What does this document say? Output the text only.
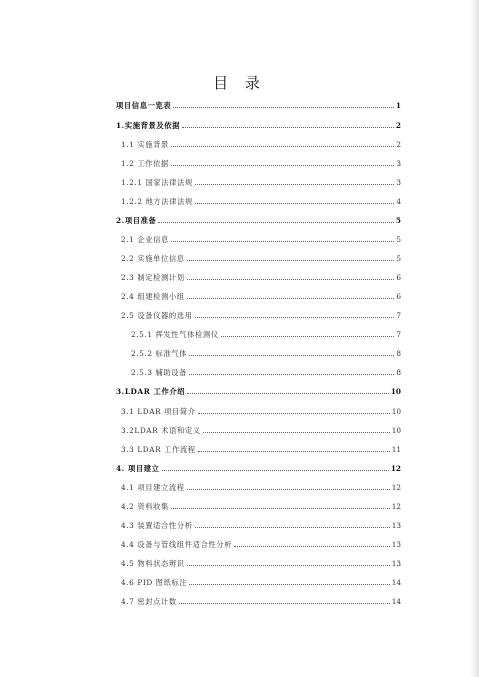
目 录
项目信息一览表	1
1.实施背景及依据	2
1.1 实施背景	2
1.2 工作依据	3
1.2.1 国家法律法规	3
1.2.2 地方法律法规	4
2.项目准备	5
2.1 企业信息	5
2.2 实施单位信息	5
2.3 制定检测计划	6
2.4 组建检测小组	6
2.5 设备仪器的选用	7
2.5.1 挥发性气体检测仪	7
2.5.2 标准气体	8
2.5.3 辅助设备	8
3.LDAR 工作介绍	10
3.1 LDAR 项目简介	10
3.2LDAR 术语和定义	10
3.3 LDAR 工作流程	11
4. 项目建立	12
4.1 项目建立流程	12
4.2 资料收集	12
4.3 装置适合性分析	13
4.4 设备与管线组件适合性分析	13
4.5 物料状态辨识	13
4.6 PID 图纸标注	14
4.7 密封点计数	14
